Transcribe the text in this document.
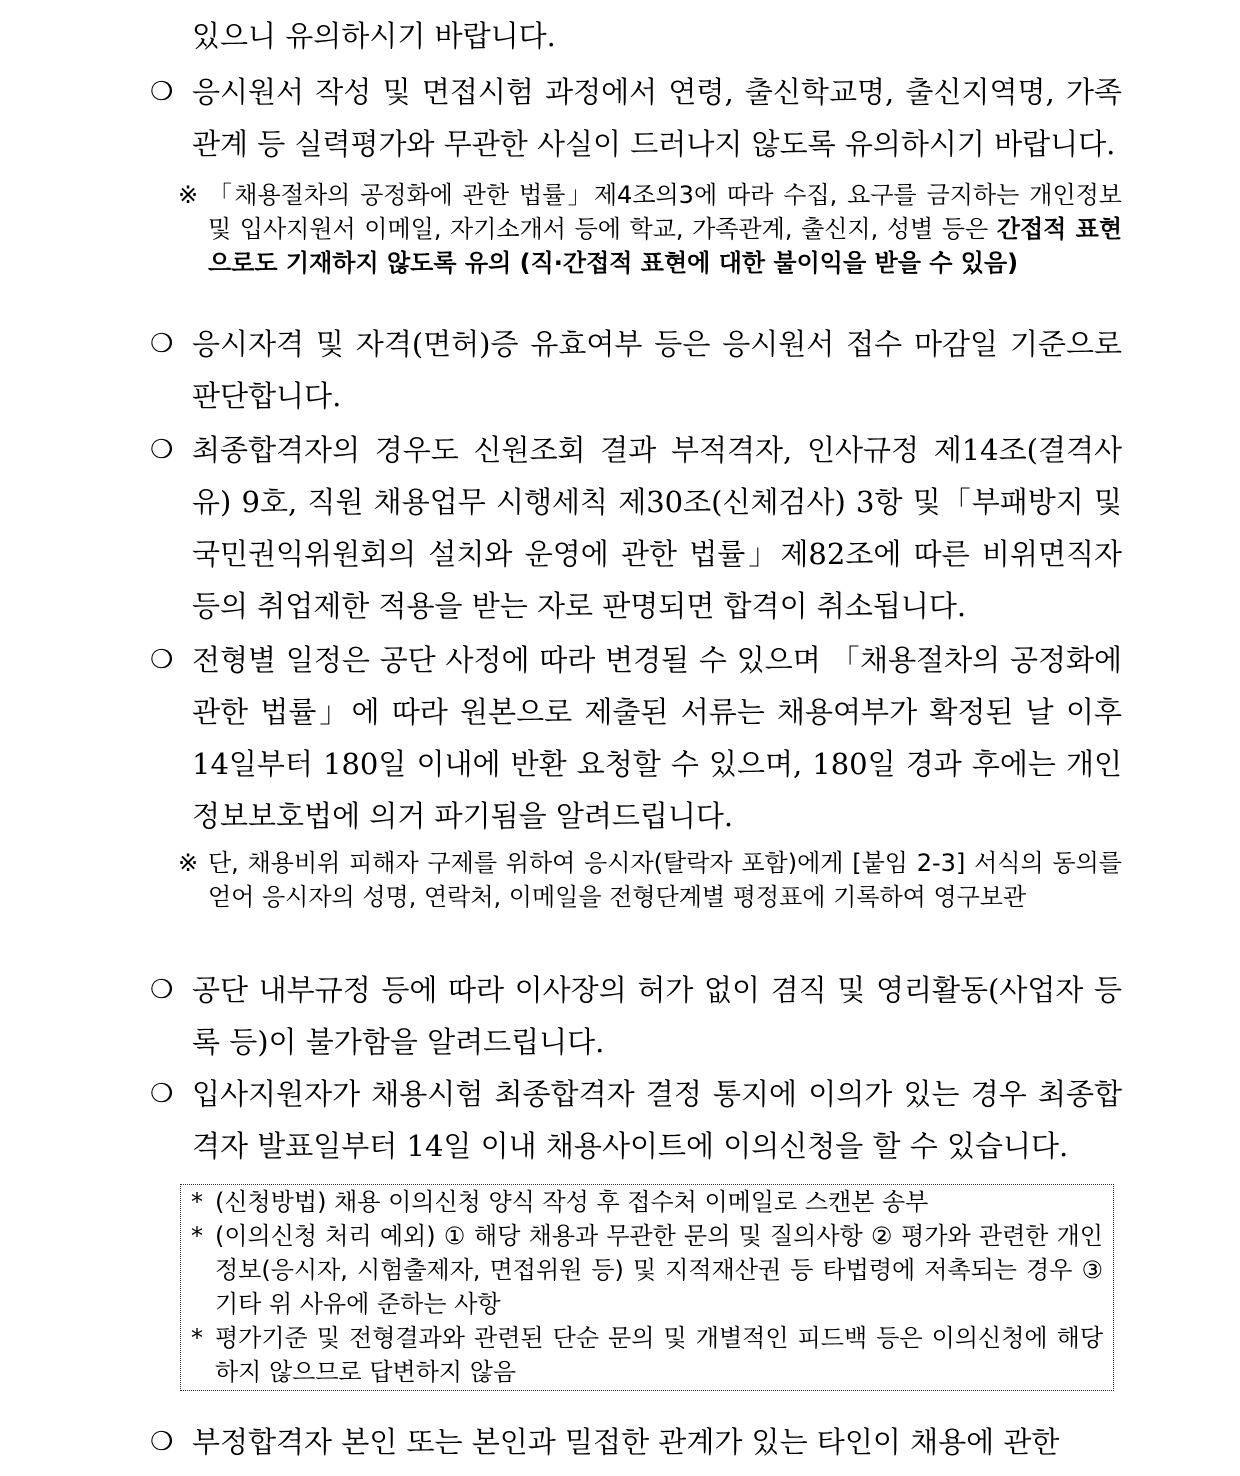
있으니 유의하시기 바랍니다.
❍ 응시원서 작성 및 면접시험 과정에서 연령, 출신학교명, 출신지역명, 가족관계 등 실력평가와 무관한 사실이 드러나지 않도록 유의하시기 바랍니다.
※ 「채용절차의 공정화에 관한 법률」제4조의3에 따라 수집, 요구를 금지하는 개인정보 및 입사지원서 이메일, 자기소개서 등에 학교, 가족관계, 출신지, 성별 등은 간접적 표현으로도 기재하지 않도록 유의 (직·간접적 표현에 대한 불이익을 받을 수 있음)
❍ 응시자격 및 자격(면허)증 유효여부 등은 응시원서 접수 마감일 기준으로 판단합니다.
❍ 최종합격자의 경우도 신원조회 결과 부적격자, 인사규정 제14조(결격사유) 9호, 직원 채용업무 시행세칙 제30조(신체검사) 3항 및「부패방지 및 국민권익위원회의 설치와 운영에 관한 법률」제82조에 따른 비위면직자 등의 취업제한 적용을 받는 자로 판명되면 합격이 취소됩니다.
❍ 전형별 일정은 공단 사정에 따라 변경될 수 있으며 「채용절차의 공정화에 관한 법률」에 따라 원본으로 제출된 서류는 채용여부가 확정된 날 이후 14일부터 180일 이내에 반환 요청할 수 있으며, 180일 경과 후에는 개인정보보호법에 의거 파기됨을 알려드립니다.
※ 단, 채용비위 피해자 구제를 위하여 응시자(탈락자 포함)에게 [붙임 2-3] 서식의 동의를 얻어 응시자의 성명, 연락처, 이메일을 전형단계별 평정표에 기록하여 영구보관
❍ 공단 내부규정 등에 따라 이사장의 허가 없이 겸직 및 영리활동(사업자 등록 등)이 불가함을 알려드립니다.
❍ 입사지원자가 채용시험 최종합격자 결정 통지에 이의가 있는 경우 최종합격자 발표일부터 14일 이내 채용사이트에 이의신청을 할 수 있습니다.
* (신청방법) 채용 이의신청 양식 작성 후 접수처 이메일로 스캔본 송부
* (이의신청 처리 예외) ① 해당 채용과 무관한 문의 및 질의사항 ② 평가와 관련한 개인정보(응시자, 시험출제자, 면접위원 등) 및 지적재산권 등 타법령에 저촉되는 경우 ③ 기타 위 사유에 준하는 사항
* 평가기준 및 전형결과와 관련된 단순 문의 및 개별적인 피드백 등은 이의신청에 해당하지 않으므로 답변하지 않음
❍ 부정합격자 본인 또는 본인과 밀접한 관계가 있는 타인이 채용에 관한
